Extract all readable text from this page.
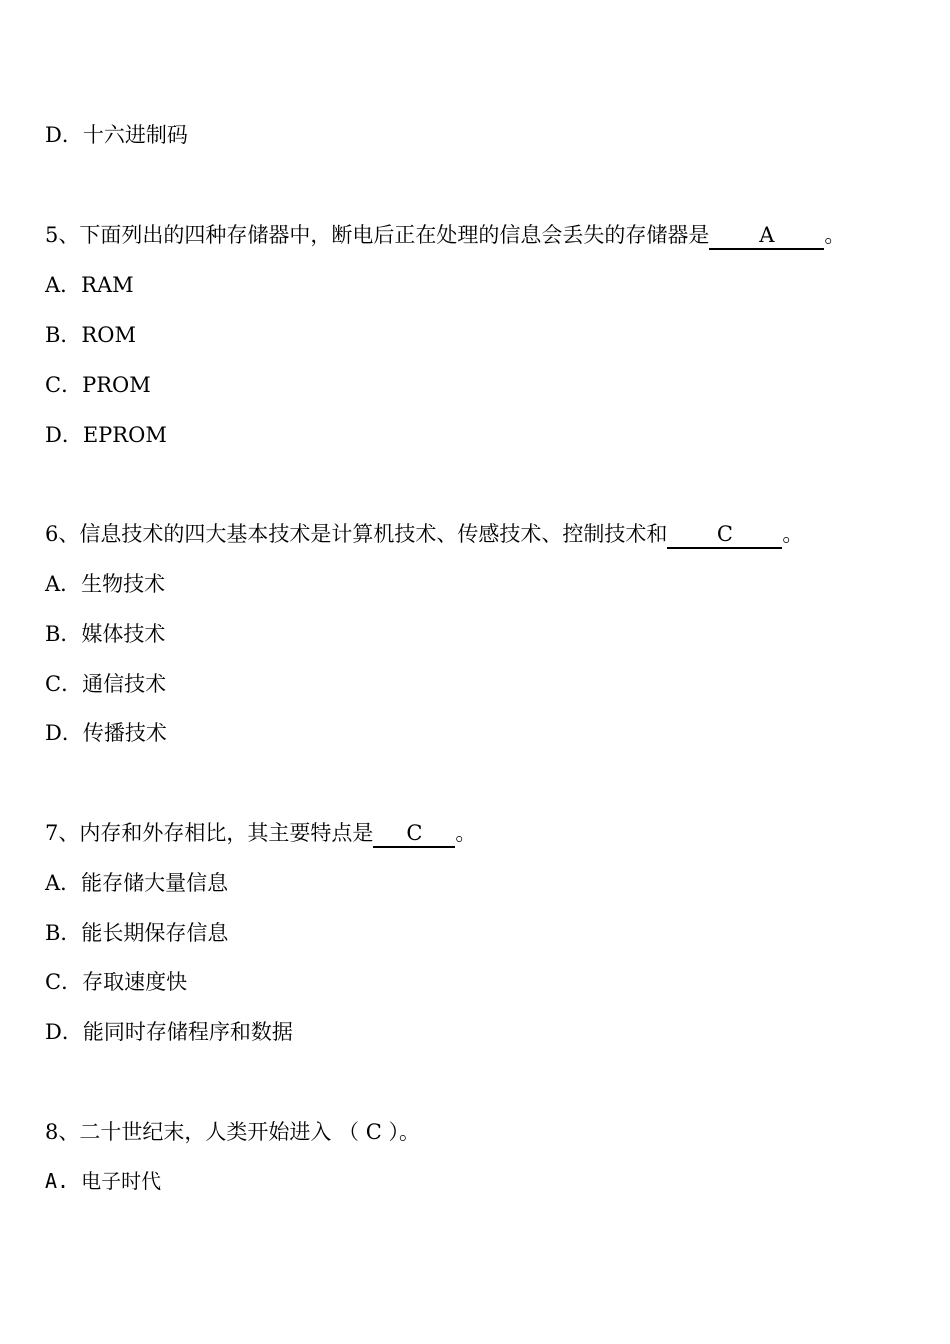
D．十六进制码
5、下面列出的四种存储器中，断电后正在处理的信息会丢失的存储器是 A 。
A．RAM
B．ROM
C．PROM
D．EPROM
6、信息技术的四大基本技术是计算机技术、传感技术、控制技术和 C 。
A．生物技术
B．媒体技术
C．通信技术
D．传播技术
7、内存和外存相比，其主要特点是 C 。
A．能存储大量信息
B．能长期保存信息
C．存取速度快
D．能同时存储程序和数据
8、二十世纪末，人类开始进入 （ C ）。
A. 电子时代
